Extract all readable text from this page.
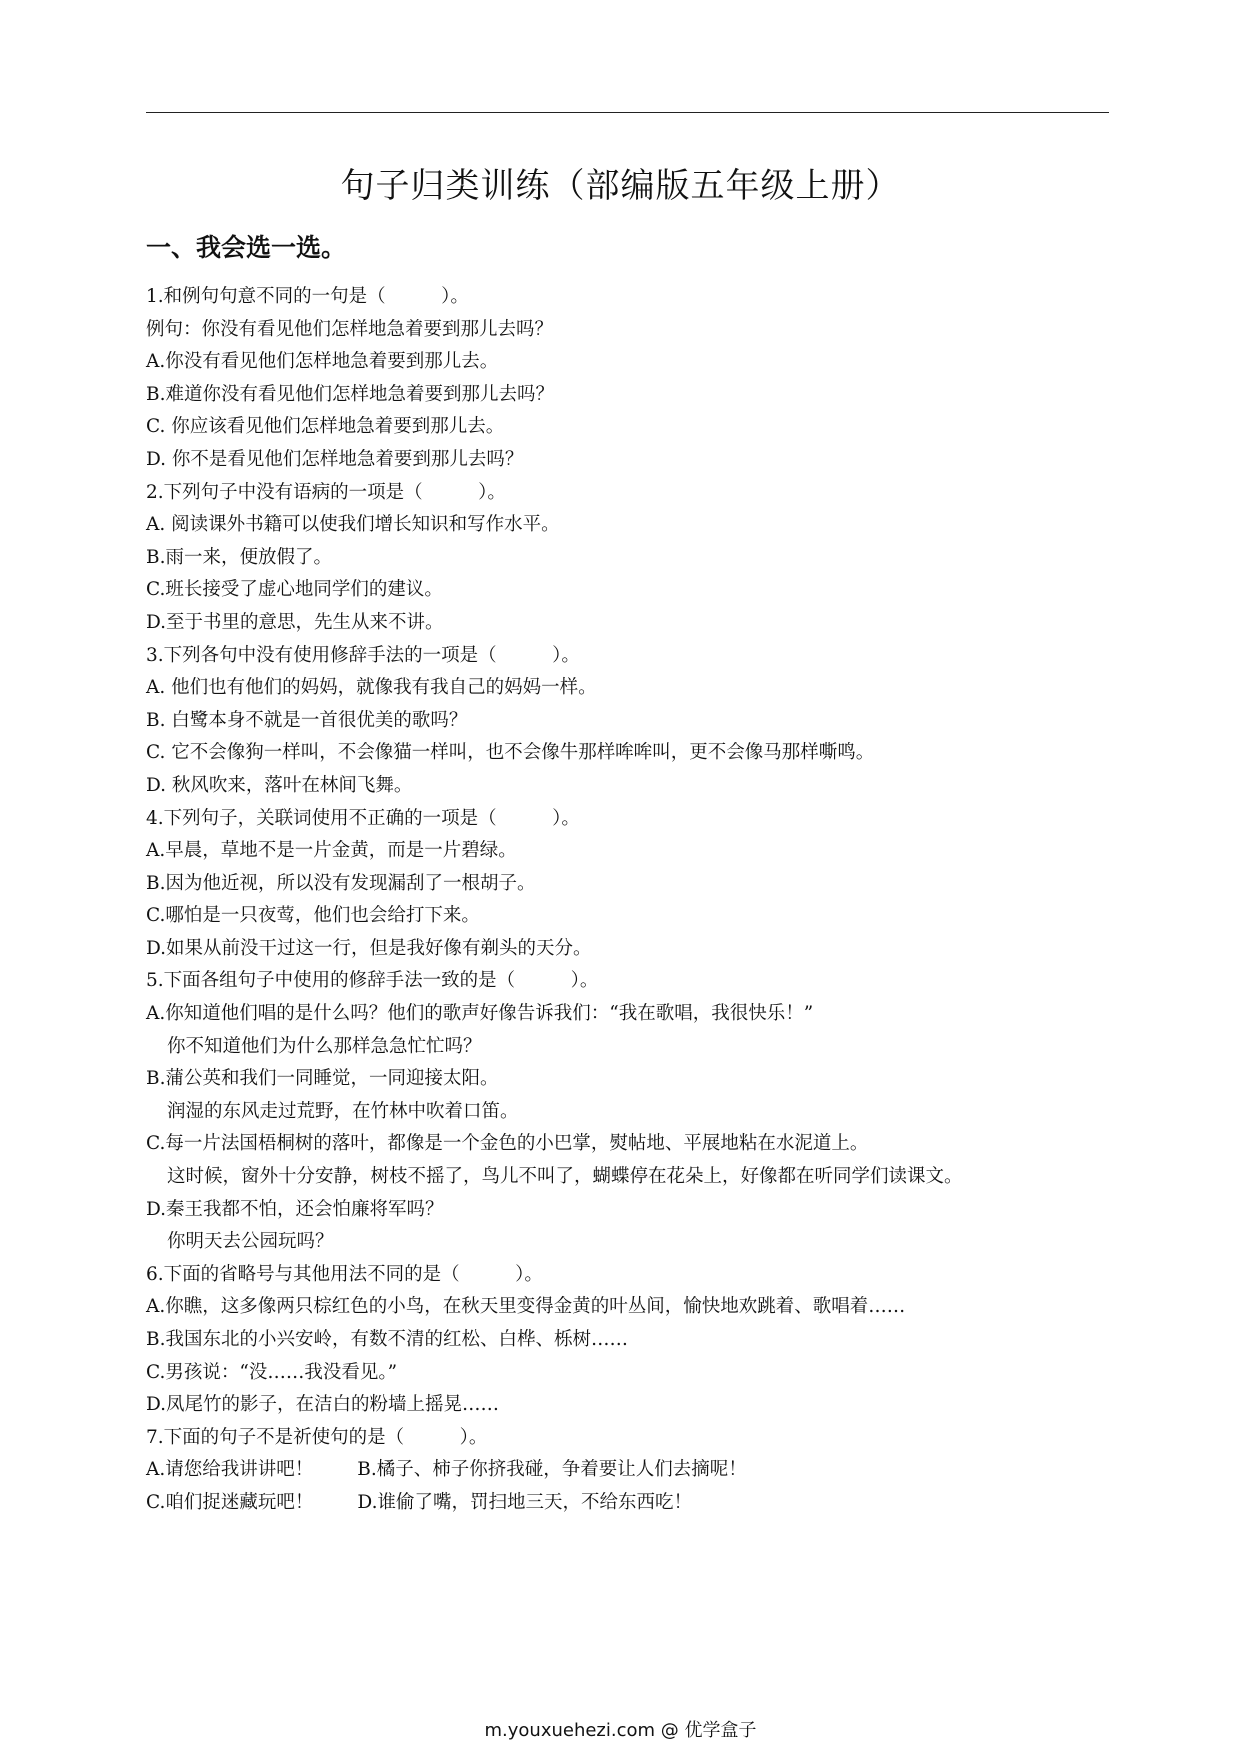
句子归类训练（部编版五年级上册）
一、我会选一选。
1.和例句句意不同的一句是（　　　）。
例句：你没有看见他们怎样地急着要到那儿去吗？
A.你没有看见他们怎样地急着要到那儿去。
B.难道你没有看见他们怎样地急着要到那儿去吗？
C. 你应该看见他们怎样地急着要到那儿去。
D. 你不是看见他们怎样地急着要到那儿去吗？
2.下列句子中没有语病的一项是（　　　）。
A. 阅读课外书籍可以使我们增长知识和写作水平。
B.雨一来，便放假了。
C.班长接受了虚心地同学们的建议。
D.至于书里的意思，先生从来不讲。
3.下列各句中没有使用修辞手法的一项是（　　　）。
A. 他们也有他们的妈妈，就像我有我自己的妈妈一样。
B. 白鹭本身不就是一首很优美的歌吗？
C. 它不会像狗一样叫，不会像猫一样叫，也不会像牛那样哞哞叫，更不会像马那样嘶鸣。
D. 秋风吹来，落叶在林间飞舞。
4.下列句子，关联词使用不正确的一项是（　　　）。
A.早晨，草地不是一片金黄，而是一片碧绿。
B.因为他近视，所以没有发现漏刮了一根胡子。
C.哪怕是一只夜莺，他们也会给打下来。
D.如果从前没干过这一行，但是我好像有剃头的天分。
5.下面各组句子中使用的修辞手法一致的是（　　　）。
A.你知道他们唱的是什么吗？他们的歌声好像告诉我们：“我在歌唱，我很快乐！”
你不知道他们为什么那样急急忙忙吗？
B.蒲公英和我们一同睡觉，一同迎接太阳。
润湿的东风走过荒野，在竹林中吹着口笛。
C.每一片法国梧桐树的落叶，都像是一个金色的小巴掌，熨帖地、平展地粘在水泥道上。
这时候，窗外十分安静，树枝不摇了，鸟儿不叫了，蝴蝶停在花朵上，好像都在听同学们读课文。
D.秦王我都不怕，还会怕廉将军吗？
你明天去公园玩吗？
6.下面的省略号与其他用法不同的是（　　　）。
A.你瞧，这多像两只棕红色的小鸟，在秋天里变得金黄的叶丛间，愉快地欢跳着、歌唱着……
B.我国东北的小兴安岭，有数不清的红松、白桦、栎树……
C.男孩说：“没……我没看见。”
D.凤尾竹的影子，在洁白的粉墙上摇晃……
7.下面的句子不是祈使句的是（　　　）。
A.请您给我讲讲吧！ B.橘子、柿子你挤我碰，争着要让人们去摘呢！
C.咱们捉迷藏玩吧！ D.谁偷了嘴，罚扫地三天，不给东西吃！
m.youxuehezi.com @ 优学盒子
